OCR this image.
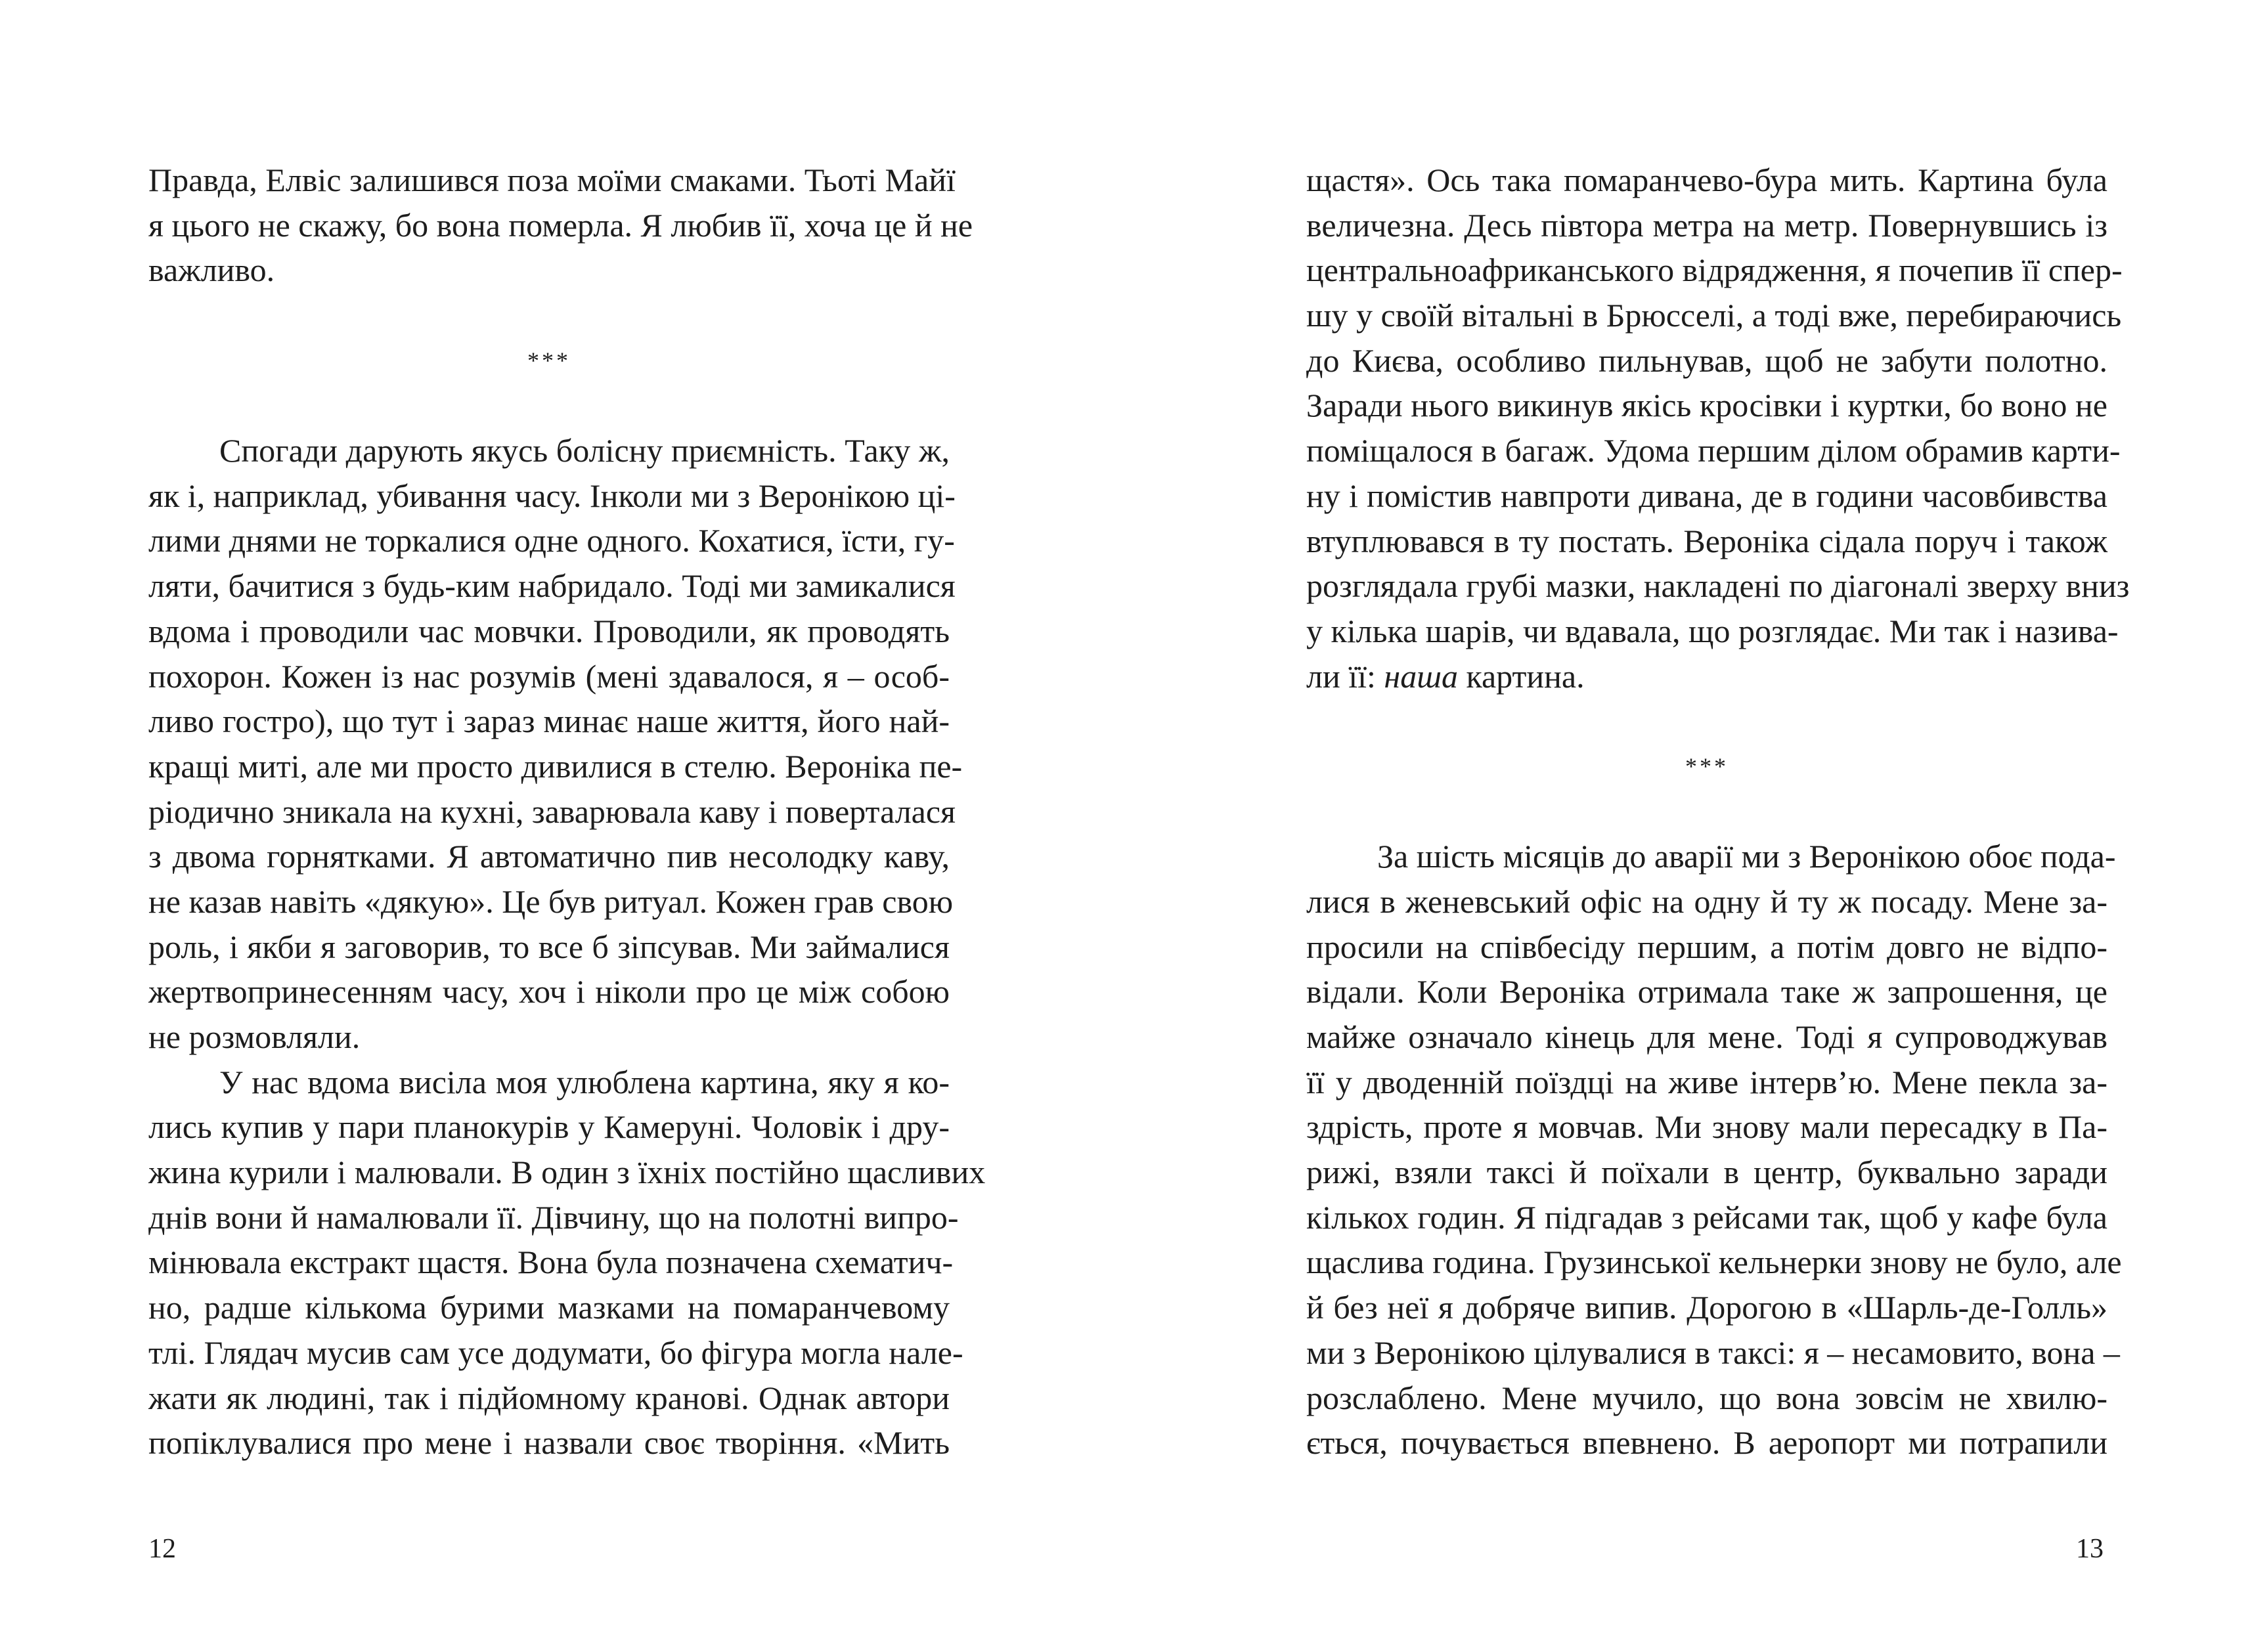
Правда, Елвіс залишився поза моїми смаками. Тьоті Майї
я цього не скажу, бо вона померла. Я любив її, хоча це й не
важливо.
***
Спогади дарують якусь болісну приємність. Таку ж,
як і, наприклад, убивання часу. Інколи ми з Веронікою ці-
лими днями не торкалися одне одного. Кохатися, їсти, гу-
ляти, бачитися з будь-ким набридало. Тоді ми замикалися
вдома і проводили час мовчки. Проводили, як проводять
похорон. Кожен із нас розумів (мені здавалося, я – особ-
ливо гостро), що тут і зараз минає наше життя, його най-
кращі миті, але ми просто дивилися в стелю. Вероніка пе-
ріодично зникала на кухні, заварювала каву і поверталася
з двома горнятками. Я автоматично пив несолодку каву,
не казав навіть «дякую». Це був ритуал. Кожен грав свою
роль, і якби я заговорив, то все б зіпсував. Ми займалися
жертвопринесенням часу, хоч і ніколи про це між собою
не розмовляли.
У нас вдома висіла моя улюблена картина, яку я ко-
лись купив у пари планокурів у Камеруні. Чоловік і дру-
жина курили і малювали. В один з їхніх постійно щасливих
днів вони й намалювали її. Дівчину, що на полотні випро-
мінювала екстракт щастя. Вона була позначена схематич-
но, радше кількома бурими мазками на помаранчевому
тлі. Глядач мусив сам усе додумати, бо фігура могла нале-
жати як людині, так і підйомному кранові. Однак автори
попіклувалися про мене і назвали своє творіння. «Мить
12
щастя». Ось така помаранчево-бура мить. Картина була
величезна. Десь півтора метра на метр. Повернувшись із
центральноафриканського відрядження, я почепив її спер-
шу у своїй вітальні в Брюсселі, а тоді вже, перебираючись
до Києва, особливо пильнував, щоб не забути полотно.
Заради нього викинув якісь кросівки і куртки, бо воно не
поміщалося в багаж. Удома першим ділом обрамив карти-
ну і помістив навпроти дивана, де в години часовбивства
втуплювався в ту постать. Вероніка сідала поруч і також
розглядала грубі мазки, накладені по діагоналі зверху вниз
у кілька шарів, чи вдавала, що розглядає. Ми так і назива-
ли її: наша картина.
***
За шість місяців до аварії ми з Веронікою обоє пода-
лися в женевський офіс на одну й ту ж посаду. Мене за-
просили на співбесіду першим, а потім довго не відпо-
відали. Коли Вероніка отримала таке ж запрошення, це
майже означало кінець для мене. Тоді я супроводжував
її у дводенній поїздці на живе інтерв’ю. Мене пекла за-
здрість, проте я мовчав. Ми знову мали пересадку в Па-
рижі, взяли таксі й поїхали в центр, буквально заради
кількох годин. Я підгадав з рейсами так, щоб у кафе була
щаслива година. Грузинської кельнерки знову не було, але
й без неї я добряче випив. Дорогою в «Шарль-де-Голль»
ми з Веронікою цілувалися в таксі: я – несамовито, вона –
розслаблено. Мене мучило, що вона зовсім не хвилю-
ється, почувається впевнено. В аеропорт ми потрапили
13
